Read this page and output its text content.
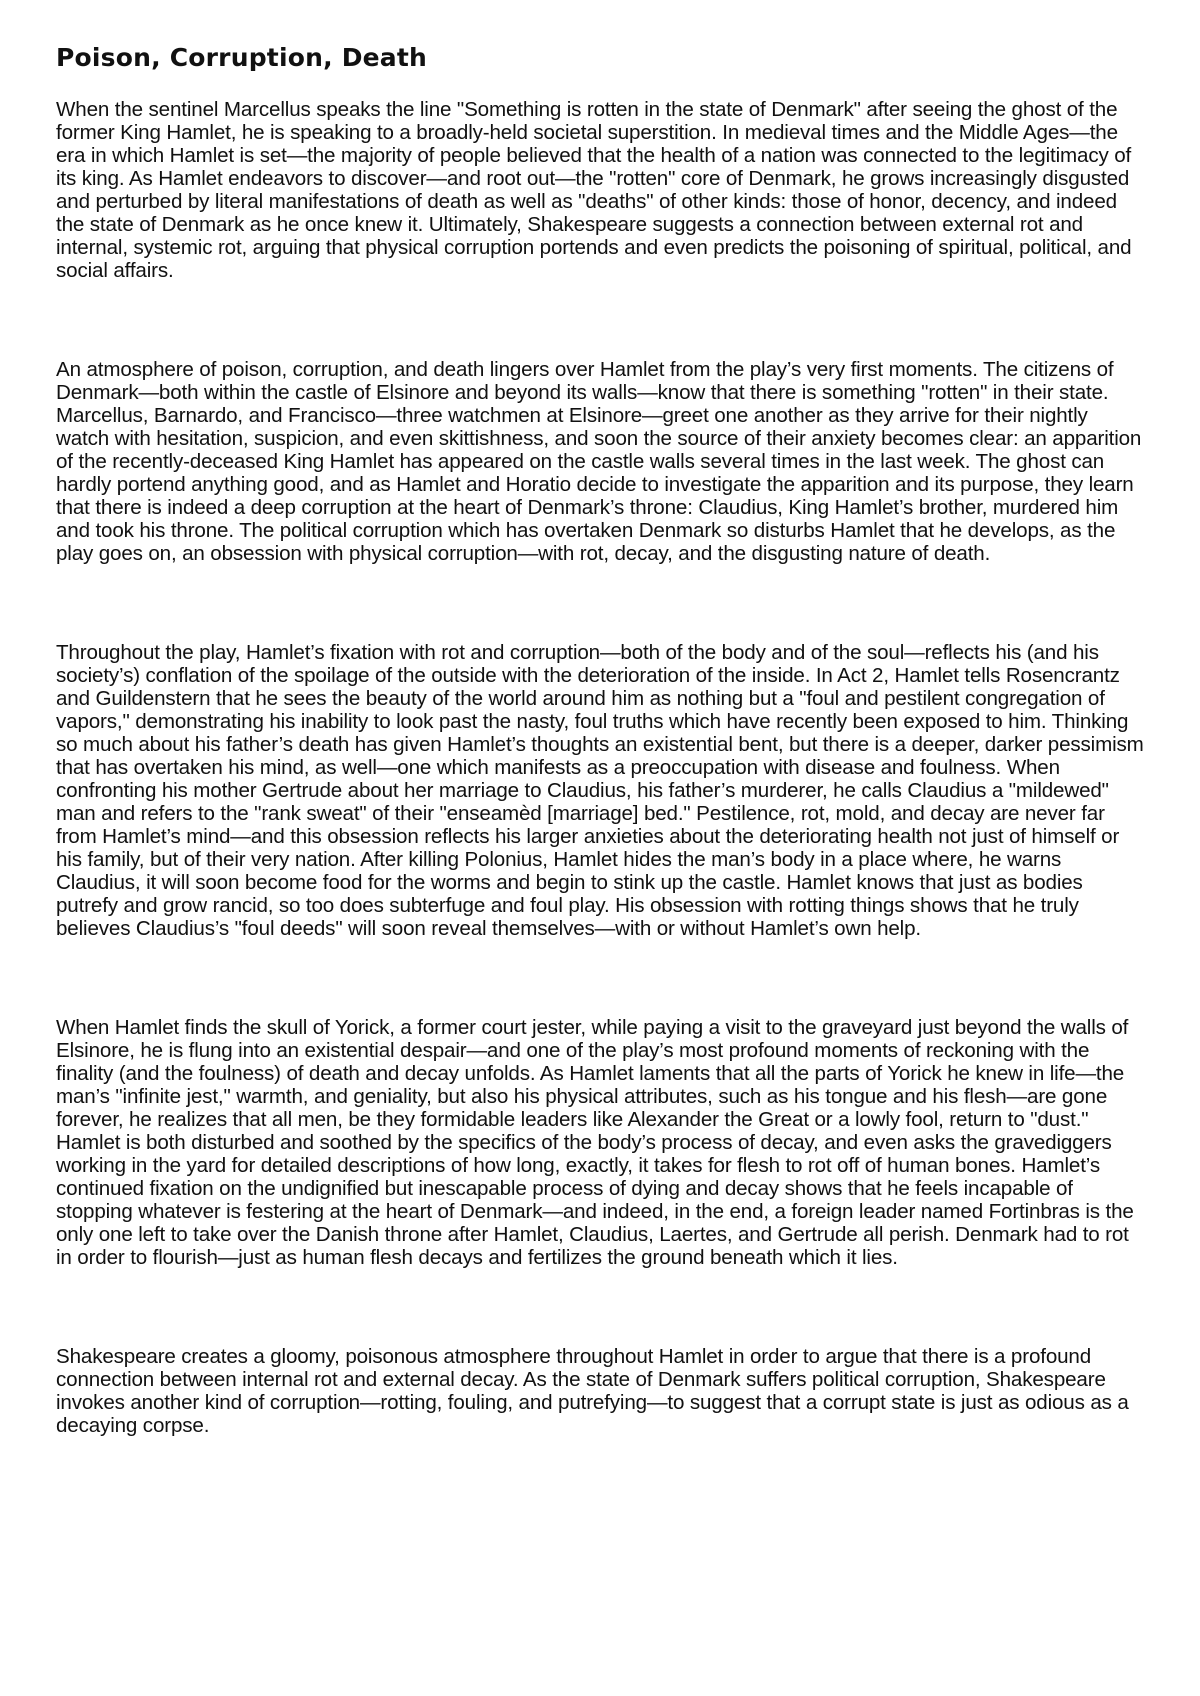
Poison, Corruption, Death

When the sentinel Marcellus speaks the line "Something is rotten in the state of Denmark" after seeing the ghost of the former King Hamlet, he is speaking to a broadly-held societal superstition. In medieval times and the Middle Ages—the era in which Hamlet is set—the majority of people believed that the health of a nation was connected to the legitimacy of its king. As Hamlet endeavors to discover—and root out—the "rotten" core of Denmark, he grows increasingly disgusted and perturbed by literal manifestations of death as well as "deaths" of other kinds: those of honor, decency, and indeed the state of Denmark as he once knew it. Ultimately, Shakespeare suggests a connection between external rot and internal, systemic rot, arguing that physical corruption portends and even predicts the poisoning of spiritual, political, and social affairs.

An atmosphere of poison, corruption, and death lingers over Hamlet from the play’s very first moments. The citizens of Denmark—both within the castle of Elsinore and beyond its walls—know that there is something "rotten" in their state. Marcellus, Barnardo, and Francisco—three watchmen at Elsinore—greet one another as they arrive for their nightly watch with hesitation, suspicion, and even skittishness, and soon the source of their anxiety becomes clear: an apparition of the recently-deceased King Hamlet has appeared on the castle walls several times in the last week. The ghost can hardly portend anything good, and as Hamlet and Horatio decide to investigate the apparition and its purpose, they learn that there is indeed a deep corruption at the heart of Denmark’s throne: Claudius, King Hamlet’s brother, murdered him and took his throne. The political corruption which has overtaken Denmark so disturbs Hamlet that he develops, as the play goes on, an obsession with physical corruption—with rot, decay, and the disgusting nature of death.

Throughout the play, Hamlet’s fixation with rot and corruption—both of the body and of the soul—reflects his (and his society’s) conflation of the spoilage of the outside with the deterioration of the inside. In Act 2, Hamlet tells Rosencrantz and Guildenstern that he sees the beauty of the world around him as nothing but a "foul and pestilent congregation of vapors," demonstrating his inability to look past the nasty, foul truths which have recently been exposed to him. Thinking so much about his father’s death has given Hamlet’s thoughts an existential bent, but there is a deeper, darker pessimism that has overtaken his mind, as well—one which manifests as a preoccupation with disease and foulness. When confronting his mother Gertrude about her marriage to Claudius, his father’s murderer, he calls Claudius a "mildewed" man and refers to the "rank sweat" of their "enseamèd [marriage] bed." Pestilence, rot, mold, and decay are never far from Hamlet’s mind—and this obsession reflects his larger anxieties about the deteriorating health not just of himself or his family, but of their very nation. After killing Polonius, Hamlet hides the man’s body in a place where, he warns Claudius, it will soon become food for the worms and begin to stink up the castle. Hamlet knows that just as bodies putrefy and grow rancid, so too does subterfuge and foul play. His obsession with rotting things shows that he truly believes Claudius’s "foul deeds" will soon reveal themselves—with or without Hamlet’s own help.

When Hamlet finds the skull of Yorick, a former court jester, while paying a visit to the graveyard just beyond the walls of Elsinore, he is flung into an existential despair—and one of the play’s most profound moments of reckoning with the finality (and the foulness) of death and decay unfolds. As Hamlet laments that all the parts of Yorick he knew in life—the man’s "infinite jest," warmth, and geniality, but also his physical attributes, such as his tongue and his flesh—are gone forever, he realizes that all men, be they formidable leaders like Alexander the Great or a lowly fool, return to "dust." Hamlet is both disturbed and soothed by the specifics of the body’s process of decay, and even asks the gravediggers working in the yard for detailed descriptions of how long, exactly, it takes for flesh to rot off of human bones. Hamlet’s continued fixation on the undignified but inescapable process of dying and decay shows that he feels incapable of stopping whatever is festering at the heart of Denmark—and indeed, in the end, a foreign leader named Fortinbras is the only one left to take over the Danish throne after Hamlet, Claudius, Laertes, and Gertrude all perish. Denmark had to rot in order to flourish—just as human flesh decays and fertilizes the ground beneath which it lies.

Shakespeare creates a gloomy, poisonous atmosphere throughout Hamlet in order to argue that there is a profound connection between internal rot and external decay. As the state of Denmark suffers political corruption, Shakespeare invokes another kind of corruption—rotting, fouling, and putrefying—to suggest that a corrupt state is just as odious as a decaying corpse.
